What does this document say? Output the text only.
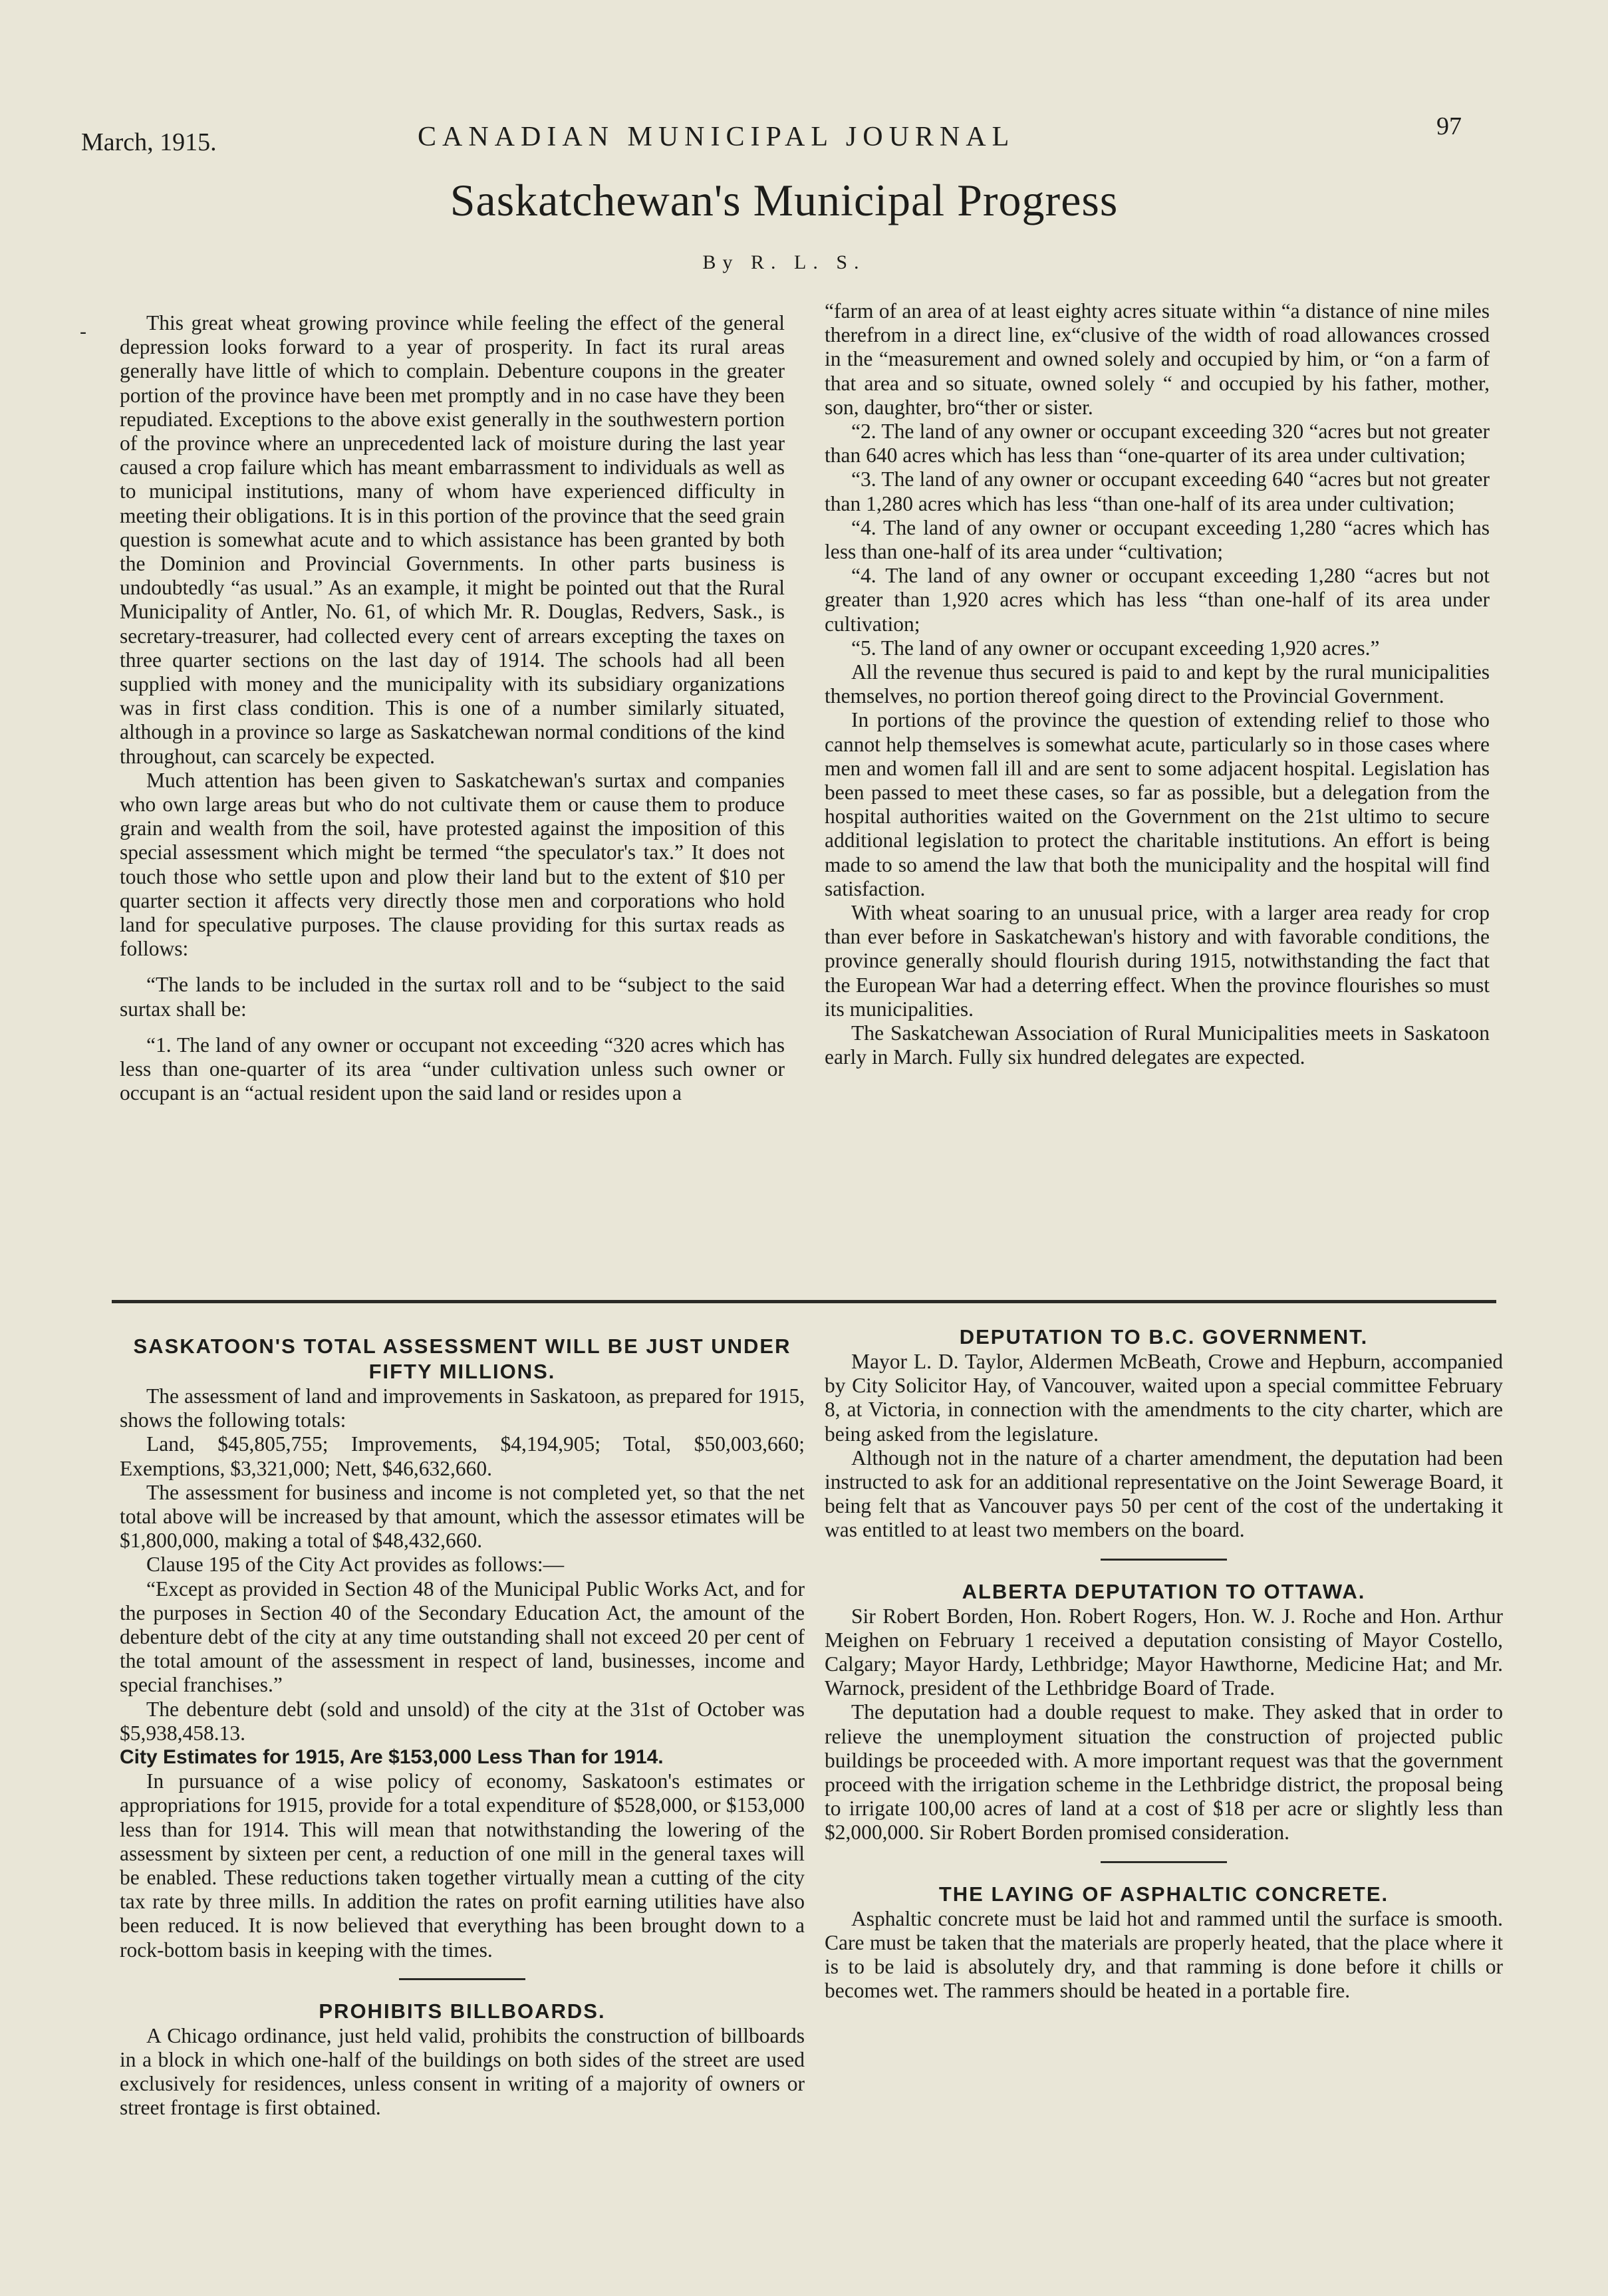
March, 1915.	CANADIAN MUNICIPAL JOURNAL	97
Saskatchewan's Municipal Progress
By R. L. S.
-	This great wheat growing province while feeling the effect of the general depression looks forward to a year of prosperity. In fact its rural areas generally have little of which to complain. Debenture coupons in the greater portion of the province have been met promptly and in no case have they been repudiated. Exceptions to the above exist generally in the southwestern portion of the province where an unprecedented lack of moisture during the last year caused a crop failure which has meant embarrassment to individuals as well as to municipal institutions, many of whom have experienced difficulty in meeting their obligations. It is in this portion of the province that the seed grain question is somewhat acute and to which assistance has been granted by both the Dominion and Provincial Governments. In other parts business is undoubtedly “as usual.” As an example, it might be pointed out that the Rural Municipality of Antler, No. 61, of which Mr. R. Douglas, Redvers, Sask., is secretary-treasurer, had collected every cent of arrears excepting the taxes on three quarter sections on the last day of 1914. The schools had all been supplied with money and the municipality with its subsidiary organizations was in first class condition. This is one of a number similarly situated, although in a province so large as Saskatchewan normal conditions of the kind throughout, can scarcely be expected.

Much attention has been given to Saskatchewan's surtax and companies who own large areas but who do not cultivate them or cause them to produce grain and wealth from the soil, have protested against the imposition of this special assessment which might be termed “the speculator's tax.” It does not touch those who settle upon and plow their land but to the extent of $10 per quarter section it affects very directly those men and corporations who hold land for speculative purposes. The clause providing for this surtax reads as follows:

“The lands to be included in the surtax roll and to be “subject to the said surtax shall be:

“1. The land of any owner or occupant not exceeding “320 acres which has less than one-quarter of its area “under cultivation unless such owner or occupant is an “actual resident upon the said land or resides upon a

“farm of an area of at least eighty acres situate within “a distance of nine miles therefrom in a direct line, ex“clusive of the width of road allowances crossed in the “measurement and owned solely and occupied by him, or “on a farm of that area and so situate, owned solely “ and occupied by his father, mother, son, daughter, bro“ther or sister.

“2. The land of any owner or occupant exceeding 320 “acres but not greater than 640 acres which has less than “one-quarter of its area under cultivation;

“3. The land of any owner or occupant exceeding 640 “acres but not greater than 1,280 acres which has less “than one-half of its area under cultivation;

“4. The land of any owner or occupant exceeding 1,280 “acres which has less than one-half of its area under “cultivation;

“4. The land of any owner or occupant exceeding 1,280 “acres but not greater than 1,920 acres which has less “than one-half of its area under cultivation;

“5. The land of any owner or occupant exceeding 1,920 acres.”

All the revenue thus secured is paid to and kept by the rural municipalities themselves, no portion thereof going direct to the Provincial Government.

In portions of the province the question of extending relief to those who cannot help themselves is somewhat acute, particularly so in those cases where men and women fall ill and are sent to some adjacent hospital. Legislation has been passed to meet these cases, so far as possible, but a delegation from the hospital authorities waited on the Government on the 21st ultimo to secure additional legislation to protect the charitable institutions. An effort is being made to so amend the law that both the municipality and the hospital will find satisfaction.

With wheat soaring to an unusual price, with a larger area ready for crop than ever before in Saskatchewan's history and with favorable conditions, the province generally should flourish during 1915, notwithstanding the fact that the European War had a deterring effect. When the province flourishes so must its municipalities.

The Saskatchewan Association of Rural Municipalities meets in Saskatoon early in March. Fully six hundred delegates are expected.

SASKATOON'S TOTAL ASSESSMENT WILL BE JUST UNDER FIFTY MILLIONS.

The assessment of land and improvements in Saskatoon, as prepared for 1915, shows the following totals:

Land, $45,805,755; Improvements, $4,194,905; Total, $50,003,660; Exemptions, $3,321,000; Nett, $46,632,660.

The assessment for business and income is not completed yet, so that the net total above will be increased by that amount, which the assessor etimates will be $1,800,000, making a total of $48,432,660.

Clause 195 of the City Act provides as follows:—

“Except as provided in Section 48 of the Municipal Public Works Act, and for the purposes in Section 40 of the Secondary Education Act, the amount of the debenture debt of the city at any time outstanding shall not exceed 20 per cent of the total amount of the assessment in respect of land, businesses, income and special franchises.”

The debenture debt (sold and unsold) of the city at the 31st of October was $5,938,458.13.

City Estimates for 1915, Are $153,000 Less Than for 1914.

In pursuance of a wise policy of economy, Saskatoon's estimates or appropriations for 1915, provide for a total expenditure of $528,000, or $153,000 less than for 1914. This will mean that notwithstanding the lowering of the assessment by sixteen per cent, a reduction of one mill in the general taxes will be enabled. These reductions taken together virtually mean a cutting of the city tax rate by three mills. In addition the rates on profit earning utilities have also been reduced. It is now believed that everything has been brought down to a rock-bottom basis in keeping with the times.

PROHIBITS BILLBOARDS.

A Chicago ordinance, just held valid, prohibits the construction of billboards in a block in which one-half of the buildings on both sides of the street are used exclusively for residences, unless consent in writing of a majority of owners or street frontage is first obtained.

DEPUTATION TO B.C. GOVERNMENT.

Mayor L. D. Taylor, Aldermen McBeath, Crowe and Hepburn, accompanied by City Solicitor Hay, of Vancouver, waited upon a special committee February 8, at Victoria, in connection with the amendments to the city charter, which are being asked from the legislature.

Although not in the nature of a charter amendment, the deputation had been instructed to ask for an additional representative on the Joint Sewerage Board, it being felt that as Vancouver pays 50 per cent of the cost of the undertaking it was entitled to at least two members on the board.

ALBERTA DEPUTATION TO OTTAWA.

Sir Robert Borden, Hon. Robert Rogers, Hon. W. J. Roche and Hon. Arthur Meighen on February 1 received a deputation consisting of Mayor Costello, Calgary; Mayor Hardy, Lethbridge; Mayor Hawthorne, Medicine Hat; and Mr. Warnock, president of the Lethbridge Board of Trade.

The deputation had a double request to make. They asked that in order to relieve the unemployment situation the construction of projected public buildings be proceeded with. A more important request was that the government proceed with the irrigation scheme in the Lethbridge district, the proposal being to irrigate 100,00 acres of land at a cost of $18 per acre or slightly less than $2,000,000. Sir Robert Borden promised consideration.

THE LAYING OF ASPHALTIC CONCRETE.

Asphaltic concrete must be laid hot and rammed until the surface is smooth. Care must be taken that the materials are properly heated, that the place where it is to be laid is absolutely dry, and that ramming is done before it chills or becomes wet. The rammers should be heated in a portable fire.
